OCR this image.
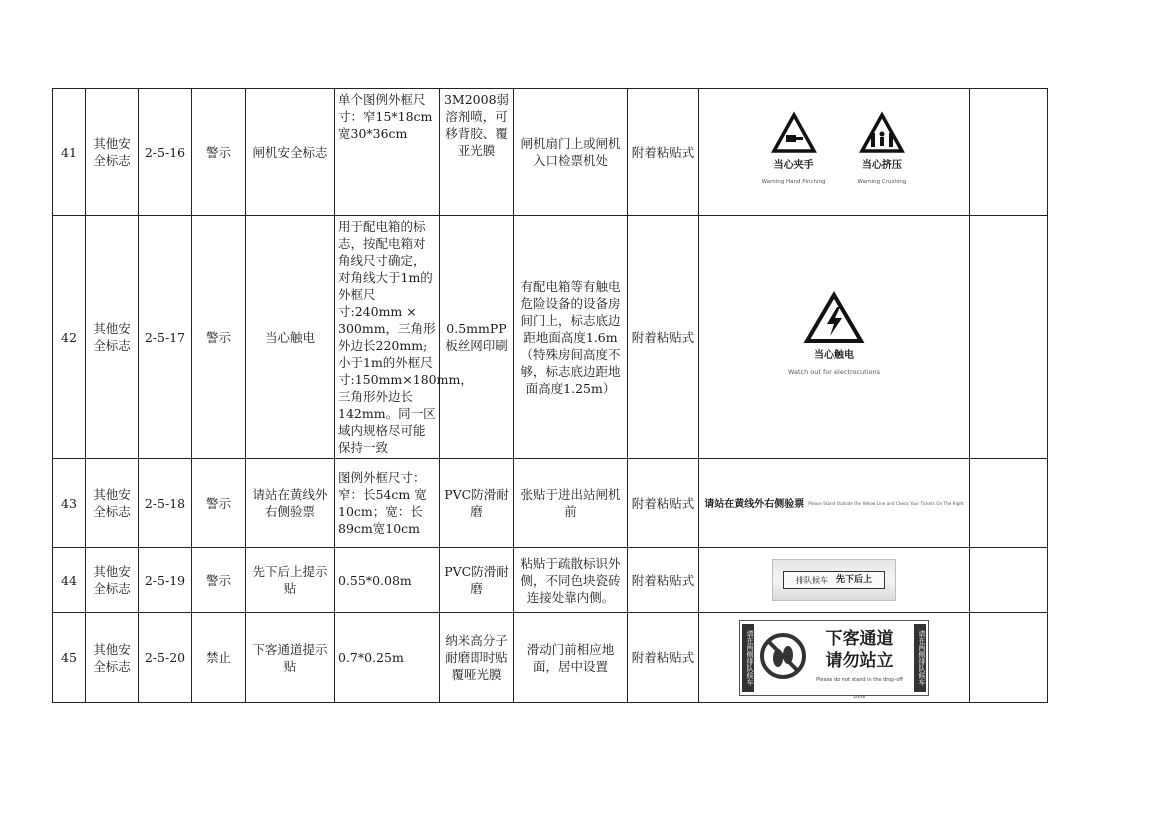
41	其他安全标志	2-5-16	警示	闸机安全标志	单个图例外框尺寸：窄15*18cm宽30*36cm	3M2008弱溶剂喷，可移背胶、覆亚光膜	闸机扇门上或闸机入口检票机处	附着粘贴式	当心夹手
Warning Hand Pinching
当心挤压
Warning Crushing	

42	其他安全标志	2-5-17	警示	当心触电	用于配电箱的标志，按配电箱对角线尺寸确定，对角线大于1m的外框尺寸:240mm × 300mm，三角形外边长220mm;小于1m的外框尺寸:150mm×180mm，三角形外边长142mm。同一区域内规格尽可能保持一致	0.5mmPP板丝网印刷	有配电箱等有触电危险设备的设备房间门上，标志底边距地面高度1.6m（特殊房间高度不够，标志底边距地面高度1.25m）	附着粘贴式	当心触电
Watch out for electrocutions	

43	其他安全标志	2-5-18	警示	请站在黄线外右侧验票	图例外框尺寸：窄：长54cm 宽10cm；宽：长89cm宽10cm	PVC防滑耐磨	张贴于进出站闸机前	附着粘贴式	请站在黄线外右侧验票 Please Stand Outside the Yellow Line and Check Your Tickets On The Right	

44	其他安全标志	2-5-19	警示	先下后上提示贴	0.55*0.08m	PVC防滑耐磨	粘贴于疏散标识外侧，不同色块瓷砖连接处靠内侧。	附着粘贴式	排队候车 先下后上	

45	其他安全标志	2-5-20	禁止	下客通道提示贴	0.7*0.25m	纳米高分子耐磨即时贴覆哑光膜	滑动门前相应地面，居中设置	附着粘贴式	请在两侧排队候车 下客通道
请勿站立
Please do not stand in the drop-off zone
请在两侧排队候车	
